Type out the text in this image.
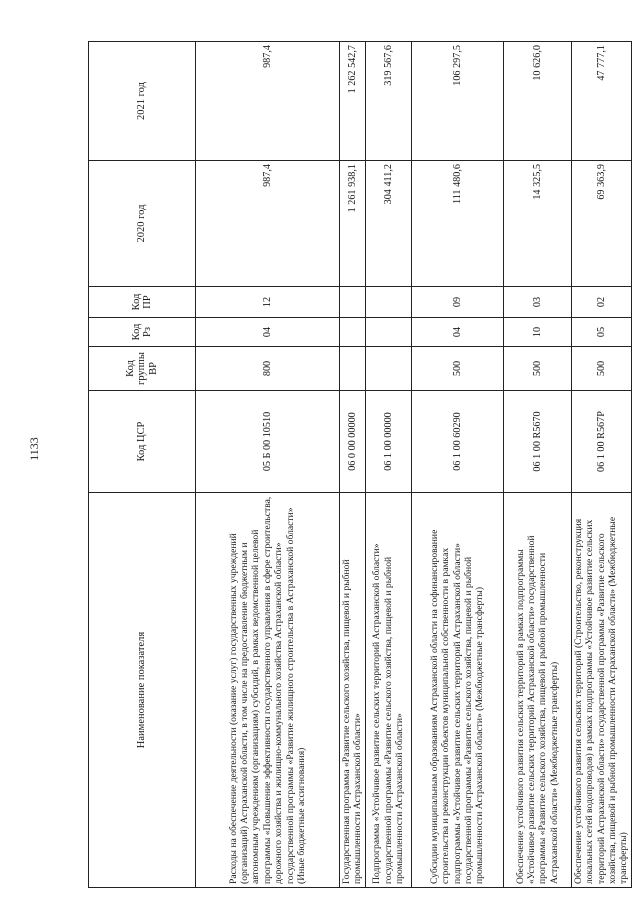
1133
Наименование показателя	Код ЦСР	Код группы ВР	Код Рз	Код ПР	2020 год	2021 год
Расходы на обеспечение деятельности (оказание услуг) государственных учреждений (организаций) Астраханской области, в том числе на предоставление бюджетным и автономным учреждениям (организациям) субсидий, в рамках ведомственной целевой программы «Повышение эффективности государственного управления в сфере строительства, дорожного хозяйства и жилищно-коммунального хозяйства Астраханской области» государственной программы «Развитие жилищного строительства в Астраханской области» (Иные бюджетные ассигнования)	05 Б 00 10510	800	04	12	987,4	987,4
Государственная программа «Развитие сельского хозяйства, пищевой и рыбной промышленности Астраханской области»	06 0 00 00000				1 261 938,1	1 262 542,7
Подпрограмма «Устойчивое развитие сельских территорий Астраханской области» государственной программы «Развитие сельского хозяйства, пищевой и рыбной промышленности Астраханской области»	06 1 00 00000				304 411,2	319 567,6
Субсидии муниципальным образованиям Астраханской области на софинансирование строительства и реконструкции объектов муниципальной собственности в рамках подпрограммы «Устойчивое развитие сельских территорий Астраханской области» государственной программы «Развитие сельского хозяйства, пищевой и рыбной промышленности Астраханской области» (Межбюджетные трансферты)	06 1 00 60290	500	04	09	111 480,6	106 297,5
Обеспечение устойчивого развития сельских территорий в рамках подпрограммы «Устойчивое развитие сельских территорий Астраханской области» государственной программы «Развитие сельского хозяйства, пищевой и рыбной промышленности Астраханской области» (Межбюджетные трансферты)	06 1 00 R5670	500	10	03	14 325,5	10 626,0
Обеспечение устойчивого развития сельских территорий (Строительство, реконструкция локальных сетей водопроводов) в рамках подпрограммы «Устойчивое развитие сельских территорий Астраханской области» государственной программы «Развитие сельского хозяйства, пищевой и рыбной промышленности Астраханской области» (Межбюджетные трансферты)	06 1 00 R567P	500	05	02	69 363,9	47 777,1
